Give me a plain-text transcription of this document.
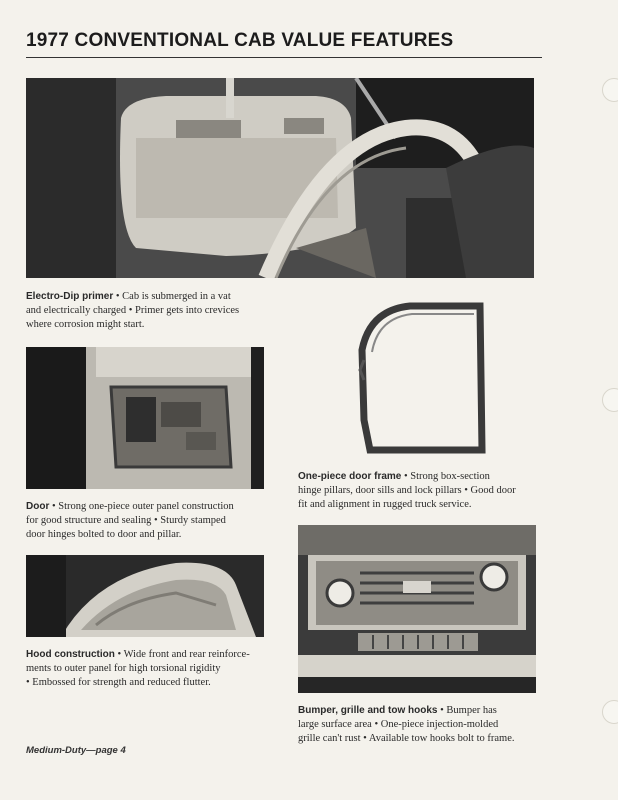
1977 CONVENTIONAL CAB VALUE FEATURES
Electro-Dip primer • Cab is submerged in a vat
and electrically charged • Primer gets into crevices
where corrosion might start.
Door • Strong one-piece outer panel construction
for good structure and sealing • Sturdy stamped
door hinges bolted to door and pillar.
Hood construction • Wide front and rear reinforce-
ments to outer panel for high torsional rigidity
• Embossed for strength and reduced flutter.
One-piece door frame • Strong box-section
hinge pillars, door sills and lock pillars • Good door
fit and alignment in rugged truck service.
Bumper, grille and tow hooks • Bumper has
large surface area • One-piece injection-molded
grille can't rust • Available tow hooks bolt to frame.
Medium-Duty—page 4
